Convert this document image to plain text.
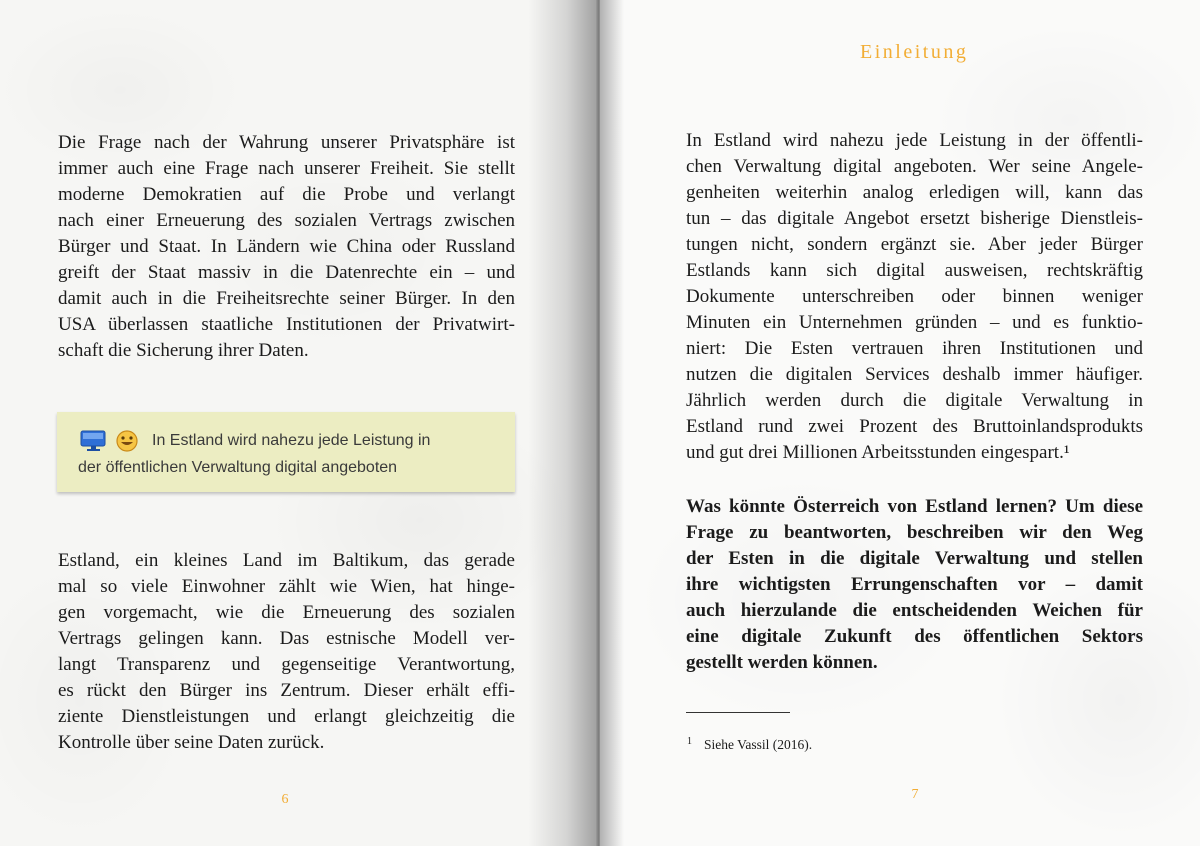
Die Frage nach der Wahrung unserer Privatsphäre ist
immer auch eine Frage nach unserer Freiheit. Sie stellt
moderne Demokratien auf die Probe und verlangt
nach einer Erneuerung des sozialen Vertrags zwischen
Bürger und Staat. In Ländern wie China oder Russland
greift der Staat massiv in die Datenrechte ein – und
damit auch in die Freiheitsrechte seiner Bürger. In den
USA überlassen staatliche Institutionen der Privatwirt-
schaft die Sicherung ihrer Daten.
In Estland wird nahezu jede Leistung in
der öffentlichen Verwaltung digital angeboten
Estland, ein kleines Land im Baltikum, das gerade
mal so viele Einwohner zählt wie Wien, hat hinge-
gen vorgemacht, wie die Erneuerung des sozialen
Vertrags gelingen kann. Das estnische Modell ver-
langt Transparenz und gegenseitige Verantwortung,
es rückt den Bürger ins Zentrum. Dieser erhält effi-
ziente Dienstleistungen und erlangt gleichzeitig die
Kontrolle über seine Daten zurück.
6
Einleitung
In Estland wird nahezu jede Leistung in der öffentli-
chen Verwaltung digital angeboten. Wer seine Angele-
genheiten weiterhin analog erledigen will, kann das
tun – das digitale Angebot ersetzt bisherige Dienstleis-
tungen nicht, sondern ergänzt sie. Aber jeder Bürger
Estlands kann sich digital ausweisen, rechtskräftig
Dokumente unterschreiben oder binnen weniger
Minuten ein Unternehmen gründen – und es funktio-
niert: Die Esten vertrauen ihren Institutionen und
nutzen die digitalen Services deshalb immer häufiger.
Jährlich werden durch die digitale Verwaltung in
Estland rund zwei Prozent des Bruttoinlandsprodukts
und gut drei Millionen Arbeitsstunden eingespart.¹
Was könnte Österreich von Estland lernen? Um diese
Frage zu beantworten, beschreiben wir den Weg
der Esten in die digitale Verwaltung und stellen
ihre wichtigsten Errungenschaften vor – damit
auch hierzulande die entscheidenden Weichen für
eine digitale Zukunft des öffentlichen Sektors
gestellt werden können.
1 Siehe Vassil (2016).
7
